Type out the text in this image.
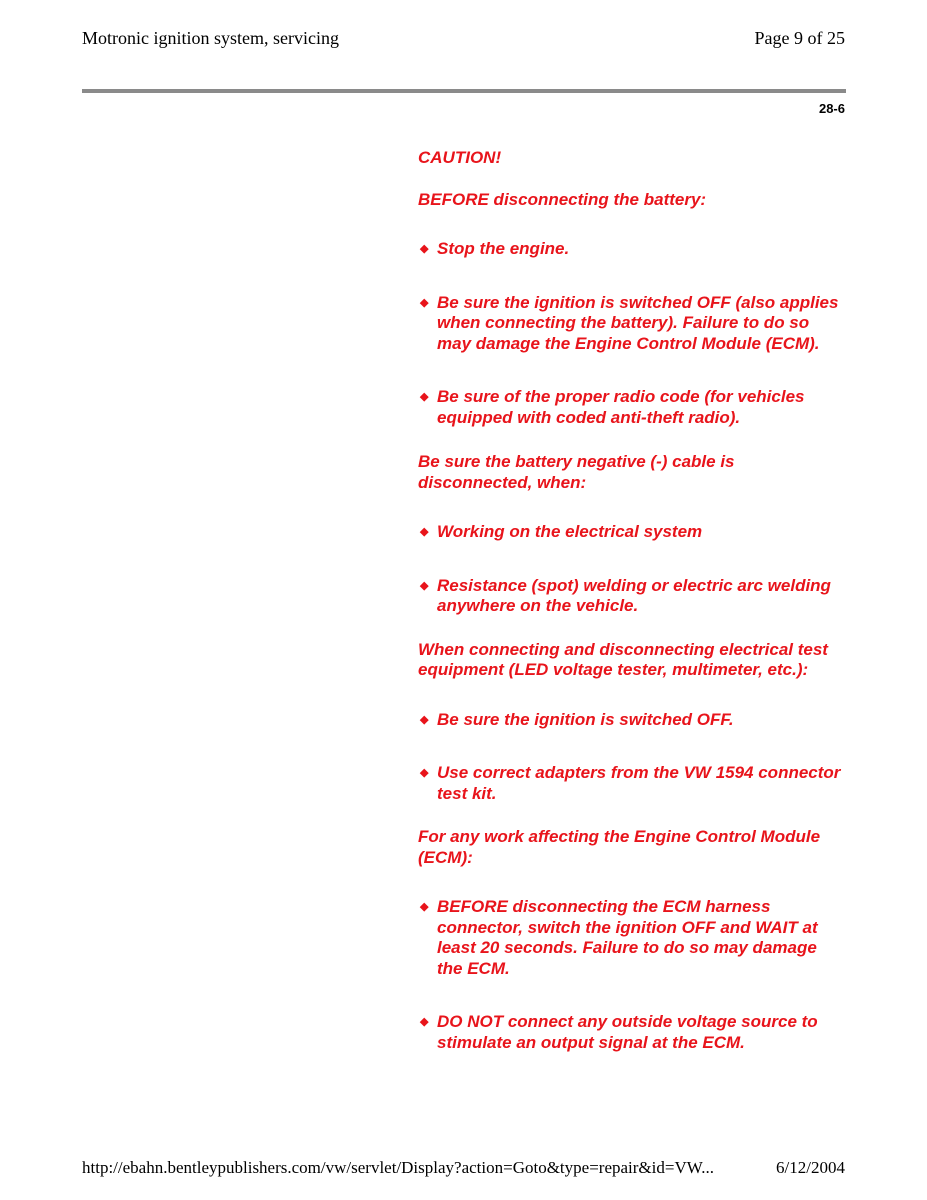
Motronic ignition system, servicing	Page 9 of 25
28-6

CAUTION!

BEFORE disconnecting the battery:

◆ Stop the engine.

◆ Be sure the ignition is switched OFF (also applies when connecting the battery). Failure to do so may damage the Engine Control Module (ECM).

◆ Be sure of the proper radio code (for vehicles equipped with coded anti-theft radio).

Be sure the battery negative (-) cable is disconnected, when:

◆ Working on the electrical system

◆ Resistance (spot) welding or electric arc welding anywhere on the vehicle.

When connecting and disconnecting electrical test equipment (LED voltage tester, multimeter, etc.):

◆ Be sure the ignition is switched OFF.

◆ Use correct adapters from the VW 1594 connector test kit.

For any work affecting the Engine Control Module (ECM):

◆ BEFORE disconnecting the ECM harness connector, switch the ignition OFF and WAIT at least 20 seconds. Failure to do so may damage the ECM.

◆ DO NOT connect any outside voltage source to stimulate an output signal at the ECM.

http://ebahn.bentleypublishers.com/vw/servlet/Display?action=Goto&type=repair&id=VW...	6/12/2004
